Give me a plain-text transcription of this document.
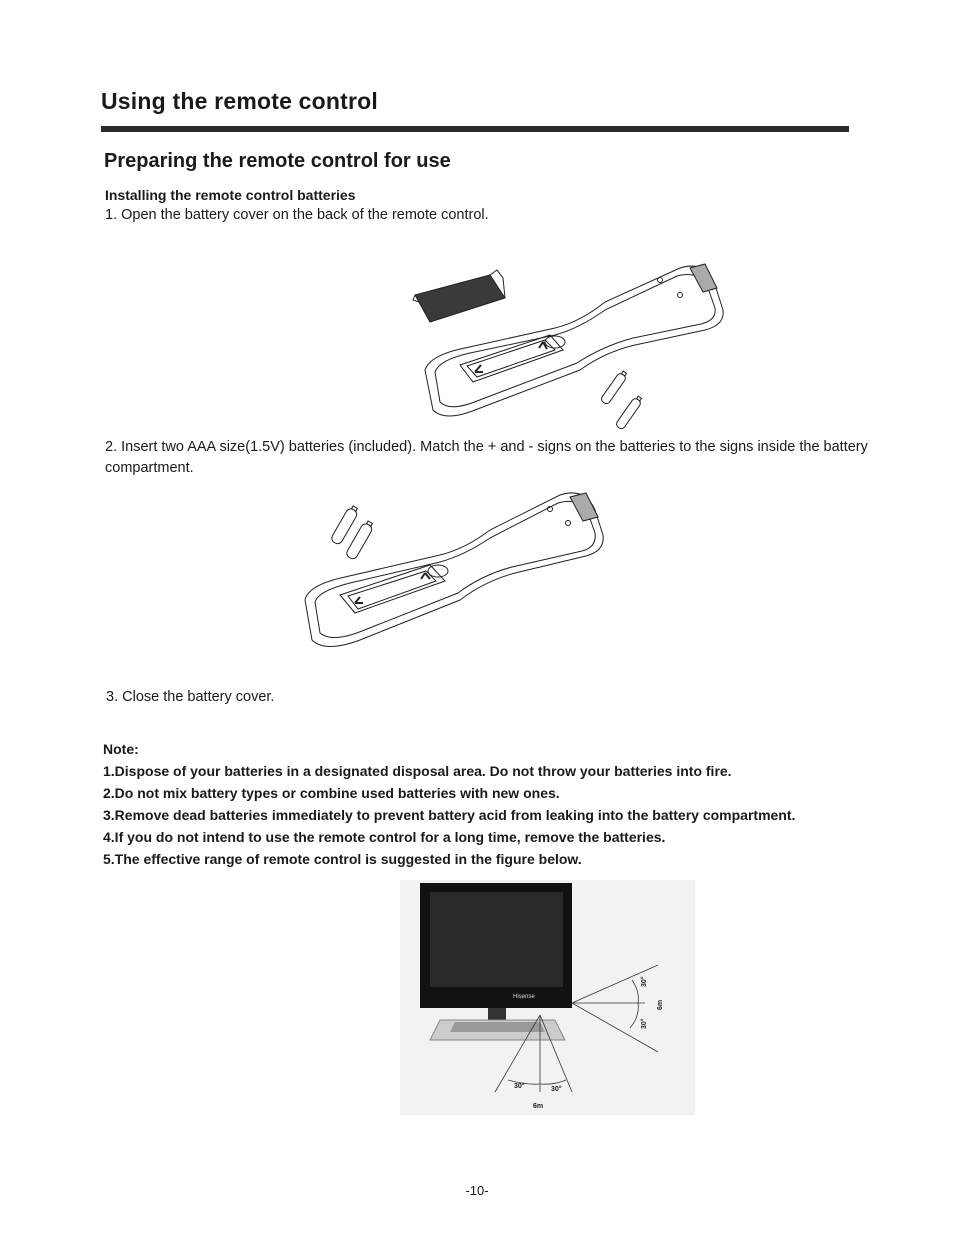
Using the remote control
Preparing the remote control for use
Installing the remote control batteries
1. Open the battery cover on the back of the remote control.
2. Insert two AAA size(1.5V) batteries (included). Match the + and - signs on the batteries to the signs inside the battery compartment.
3. Close the battery cover.
Note:
1.Dispose of your batteries in a designated disposal area. Do not throw your batteries into fire.
2.Do not mix battery types or combine used batteries with new ones.
3.Remove dead batteries immediately to prevent battery acid from leaking into the battery compartment.
4.If you do not intend to use the remote control for a long time, remove the batteries.
5.The effective range of remote control is suggested in the figure below.
Hisense
30°
30°
6m
30°	30°
6m
-10-
